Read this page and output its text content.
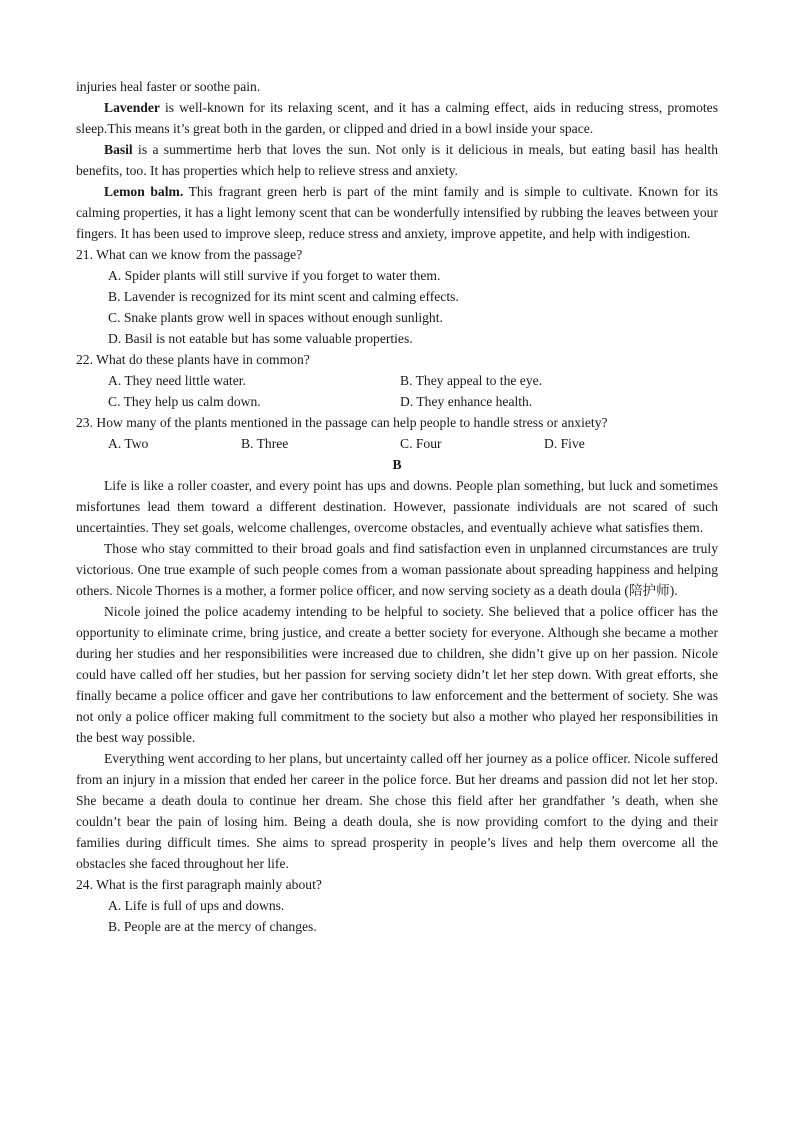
injuries heal faster or soothe pain.

Lavender is well-known for its relaxing scent, and it has a calming effect, aids in reducing stress, promotes sleep.This means it’s great both in the garden, or clipped and dried in a bowl inside your space.

Basil is a summertime herb that loves the sun. Not only is it delicious in meals, but eating basil has health benefits, too. It has properties which help to relieve stress and anxiety.

Lemon balm. This fragrant green herb is part of the mint family and is simple to cultivate. Known for its calming properties, it has a light lemony scent that can be wonderfully intensified by rubbing the leaves between your fingers. It has been used to improve sleep, reduce stress and anxiety, improve appetite, and help with indigestion.

21. What can we know from the passage?

A. Spider plants will still survive if you forget to water them.

B. Lavender is recognized for its mint scent and calming effects.

C. Snake plants grow well in spaces without enough sunlight.

D. Basil is not eatable but has some valuable properties.

22. What do these plants have in common?

A. They need little water.	B. They appeal to the eye.
C. They help us calm down.	D. They enhance health.

23. How many of the plants mentioned in the passage can help people to handle stress or anxiety?

A. Two	B. Three	C. Four	D. Five

B

Life is like a roller coaster, and every point has ups and downs. People plan something, but luck and sometimes misfortunes lead them toward a different destination. However, passionate individuals are not scared of such uncertainties. They set goals, welcome challenges, overcome obstacles, and eventually achieve what satisfies them.

Those who stay committed to their broad goals and find satisfaction even in unplanned circumstances are truly victorious. One true example of such people comes from a woman passionate about spreading happiness and helping others. Nicole Thornes is a mother, a former police officer, and now serving society as a death doula (陪护师).

Nicole joined the police academy intending to be helpful to society. She believed that a police officer has the opportunity to eliminate crime, bring justice, and create a better society for everyone. Although she became a mother during her studies and her responsibilities were increased due to children, she didn’t give up on her passion. Nicole could have called off her studies, but her passion for serving society didn’t let her step down. With great efforts, she finally became a police officer and gave her contributions to law enforcement and the betterment of society. She was not only a police officer making full commitment to the society but also a mother who played her responsibilities in the best way possible.

Everything went according to her plans, but uncertainty called off her journey as a police officer. Nicole suffered from an injury in a mission that ended her career in the police force. But her dreams and passion did not let her stop. She became a death doula to continue her dream. She chose this field after her grandfather ’s death, when she couldn’t bear the pain of losing him. Being a death doula, she is now providing comfort to the dying and their families during difficult times. She aims to spread prosperity in people’s lives and help them overcome all the obstacles she faced throughout her life.

24. What is the first paragraph mainly about?

A. Life is full of ups and downs.

B. People are at the mercy of changes.
